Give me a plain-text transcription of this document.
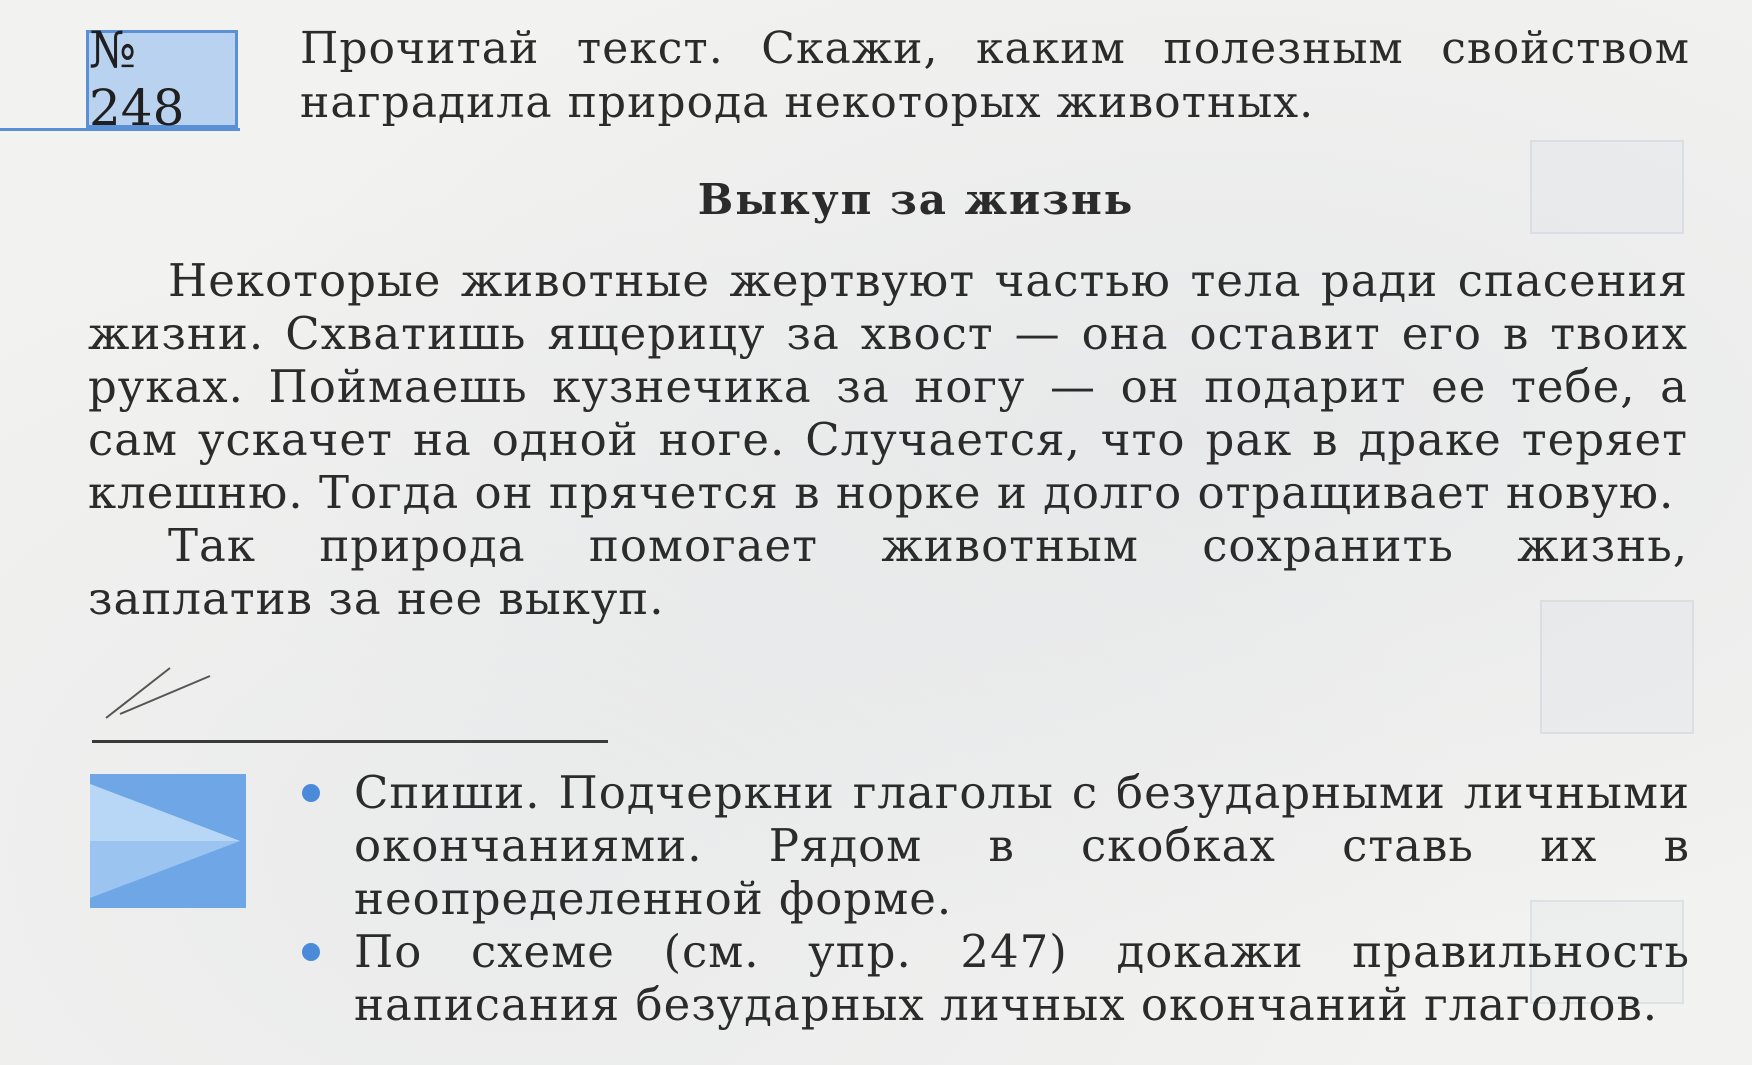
№ 248
Прочитай текст. Скажи, каким полезным свойством наградила природа некоторых животных.
Выкуп за жизнь

Некоторые животные жертвуют частью тела ради спасения жизни. Схватишь ящерицу за хвост — она оставит его в твоих руках. Поймаешь кузнечика за ногу — он подарит ее тебе, а сам ускачет на одной ноге. Случается, что рак в драке теряет клешню. Тогда он прячется в норке и долго отращивает новую.

Так природа помогает животным сохранить жизнь, заплатив за нее выкуп.

Спиши. Подчеркни глаголы с безударными личными окончаниями. Рядом в скобках ставь их в неопределенной форме.

По схеме (см. упр. 247) докажи правильность написания безударных личных окончаний глаголов.
